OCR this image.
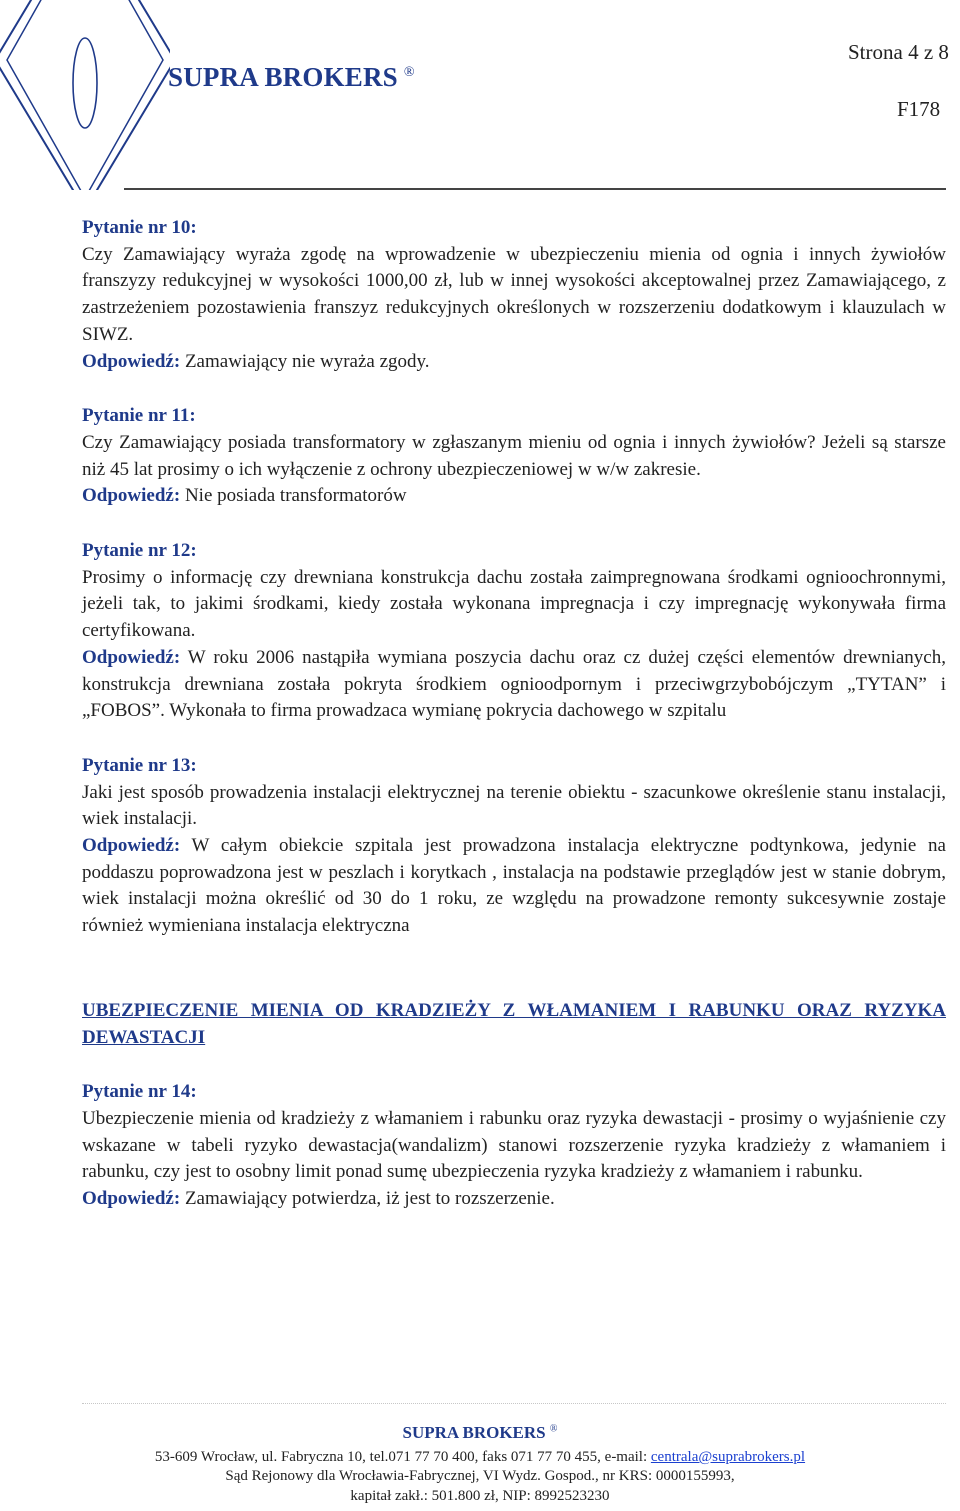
SUPRA BROKERS ®
Strona 4 z 8
F178
Pytanie nr 10:
Czy Zamawiający wyraża zgodę na wprowadzenie w ubezpieczeniu mienia od ognia i innych żywiołów franszyzy redukcyjnej w wysokości 1000,00 zł, lub w innej wysokości akceptowalnej przez Zamawiającego, z zastrzeżeniem pozostawienia franszyz redukcyjnych określonych w rozszerzeniu dodatkowym i klauzulach w SIWZ.
Odpowiedź: Zamawiający nie wyraża zgody.
Pytanie nr 11:
Czy Zamawiający posiada transformatory w zgłaszanym mieniu od ognia i innych żywiołów? Jeżeli są starsze niż 45 lat prosimy o ich wyłączenie z ochrony ubezpieczeniowej w w/w zakresie.
Odpowiedź: Nie posiada transformatorów
Pytanie nr 12:
Prosimy o informację czy drewniana konstrukcja dachu została zaimpregnowana środkami ognioochronnymi, jeżeli tak, to jakimi środkami, kiedy została wykonana impregnacja i czy impregnację wykonywała firma certyfikowana.
Odpowiedź: W roku 2006 nastąpiła wymiana poszycia dachu oraz cz dużej części elementów drewnianych, konstrukcja drewniana została pokryta środkiem ognioodpornym i przeciwgrzybobójczym „TYTAN” i „FOBOS”. Wykonała to firma prowadzaca wymianę pokrycia dachowego w szpitalu
Pytanie nr 13:
Jaki jest sposób prowadzenia instalacji elektrycznej na terenie obiektu - szacunkowe określenie stanu instalacji, wiek instalacji.
Odpowiedź: W całym obiekcie szpitala jest prowadzona instalacja elektryczne podtynkowa, jedynie na poddaszu poprowadzona jest w peszlach i korytkach , instalacja na podstawie przeglądów jest w stanie dobrym, wiek instalacji można określić od 30 do 1 roku, ze względu na prowadzone remonty sukcesywnie zostaje również wymieniana instalacja elektryczna
UBEZPIECZENIE MIENIA OD KRADZIEŻY Z WŁAMANIEM I RABUNKU ORAZ RYZYKA DEWASTACJI
Pytanie nr 14:
Ubezpieczenie mienia od kradzieży z włamaniem i rabunku oraz ryzyka dewastacji - prosimy o wyjaśnienie czy wskazane w tabeli ryzyko dewastacja(wandalizm) stanowi rozszerzenie ryzyka kradzieży z włamaniem i rabunku, czy jest to osobny limit ponad sumę ubezpieczenia ryzyka kradzieży z włamaniem i rabunku.
Odpowiedź: Zamawiający potwierdza, iż jest to rozszerzenie.
SUPRA BROKERS ®
53-609 Wrocław, ul. Fabryczna 10, tel.071 77 70 400, faks 071 77 70 455, e-mail: centrala@suprabrokers.pl
Sąd Rejonowy dla Wrocławia-Fabrycznej, VI Wydz. Gospod., nr KRS: 0000155993,
kapitał zakł.: 501.800 zł, NIP: 8992523230
